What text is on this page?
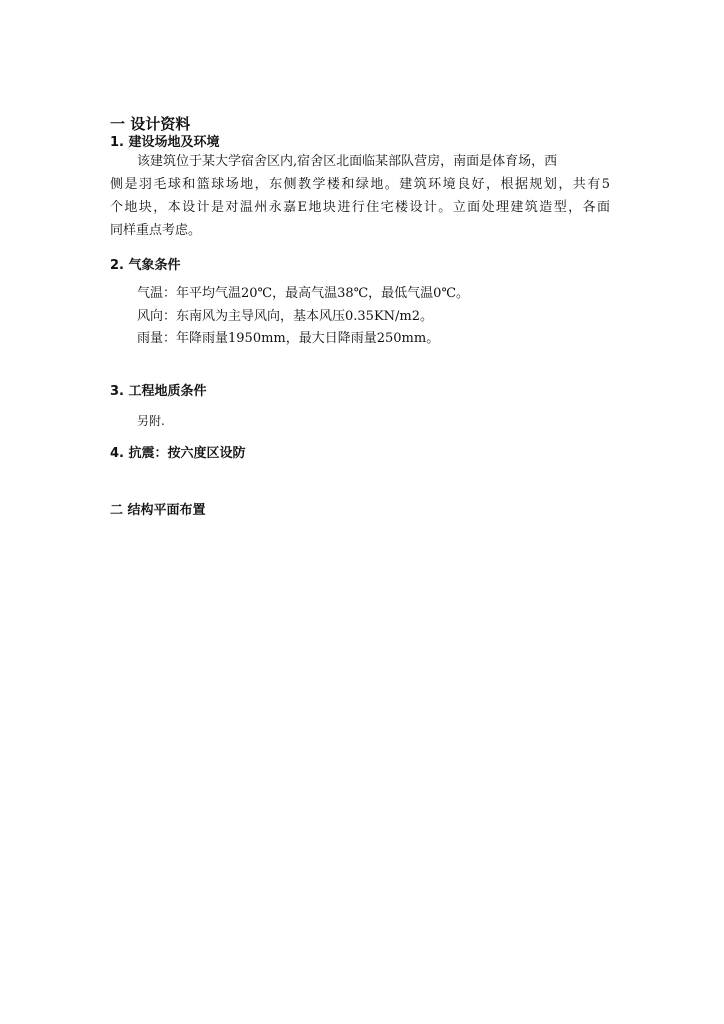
一 设计资料
1. 建设场地及环境
该建筑位于某大学宿舍区内,宿舍区北面临某部队营房，南面是体育场，西
侧是羽毛球和篮球场地，东侧教学楼和绿地。建筑环境良好，根据规划，共有5
个地块，本设计是对温州永嘉E地块进行住宅楼设计。立面处理建筑造型，各面
同样重点考虑。
2. 气象条件
气温：年平均气温20℃，最高气温38℃，最低气温0℃。
风向：东南风为主导风向，基本风压0.35KN/m2。
雨量：年降雨量1950mm，最大日降雨量250mm。
3. 工程地质条件
另附.
4. 抗震：按六度区设防
二 结构平面布置
